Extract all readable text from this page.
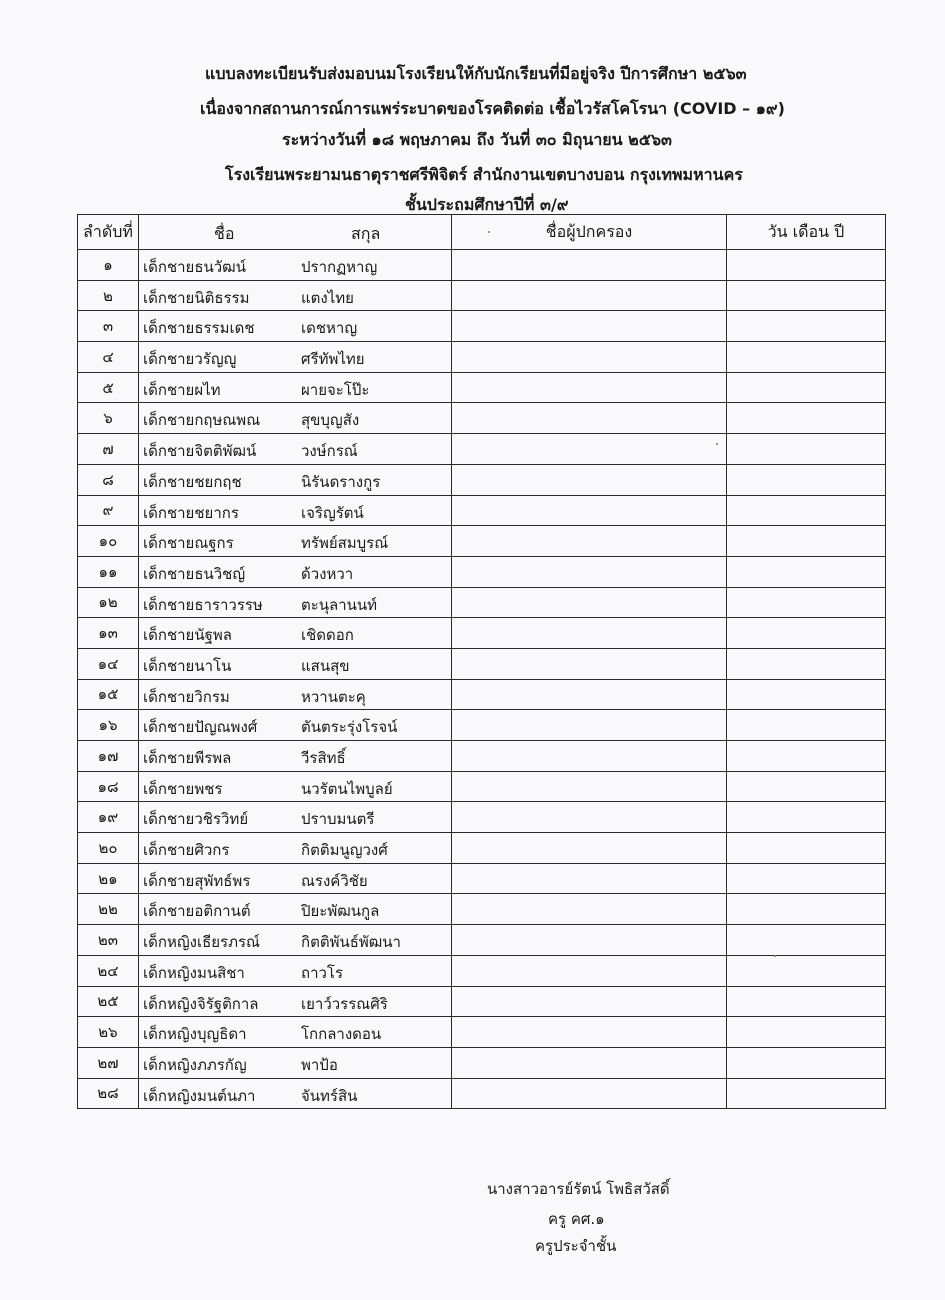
แบบลงทะเบียนรับส่งมอบนมโรงเรียนให้กับนักเรียนที่มีอยู่จริง ปีการศึกษา ๒๕๖๓
เนื่องจากสถานการณ์การแพร่ระบาดของโรคติดต่อ เชื้อไวรัสโคโรนา (COVID – ๑๙)
ระหว่างวันที่ ๑๘ พฤษภาคม ถึง วันที่ ๓๐ มิถุนายน ๒๕๖๓
โรงเรียนพระยามนธาตุราชศรีพิจิตร์ สำนักงานเขตบางบอน กรุงเทพมหานคร
ชั้นประถมศึกษาปีที่ ๓/๙
ลำดับที่	ชื่อ สกุล	ชื่อผู้ปกครอง	วัน เดือน ปี
๑	เด็กชายธนวัฒน์ ปรากฏหาญ		

๒	เด็กชายนิติธรรม แตงไทย		

๓	เด็กชายธรรมเดช เดชหาญ		

๔	เด็กชายวรัญญู ศรีทัพไทย		

๕	เด็กชายผไท ผายจะโป๊ะ		

๖	เด็กชายกฤษณพณ สุขบุญสัง		

๗	เด็กชายจิตติพัฒน์ วงษ์กรณ์		

๘	เด็กชายชยกฤช นิรันดรางกูร		

๙	เด็กชายชยากร เจริญรัตน์		

๑๐	เด็กชายณฐกร ทรัพย์สมบูรณ์		

๑๑	เด็กชายธนวิชญ์ ด้วงหวา		

๑๒	เด็กชายธาราวรรษ ตะนุลานนท์		

๑๓	เด็กชายนัฐพล เชิดดอก		

๑๔	เด็กชายนาโน แสนสุข		

๑๕	เด็กชายวิกรม หวานตะคุ		

๑๖	เด็กชายปัญณพงศ์ ตันตระรุ่งโรจน์		

๑๗	เด็กชายพีรพล วีรสิทธิ์		

๑๘	เด็กชายพชร นวรัตนไพบูลย์		

๑๙	เด็กชายวชิรวิทย์ ปราบมนตรี		

๒๐	เด็กชายศิวกร กิตติมนูญวงศ์		

๒๑	เด็กชายสุพัทธ์พร ณรงค์วิชัย		

๒๒	เด็กชายอติกานต์ ปิยะพัฒนกูล		

๒๓	เด็กหญิงเธียรภรณ์ กิตติพันธ์พัฒนา		

๒๔	เด็กหญิงมนสิชา ถาวโร		

๒๕	เด็กหญิงจิรัฐติกาล เยาว์วรรณศิริ		

๒๖	เด็กหญิงบุญธิดา โกกลางดอน		

๒๗	เด็กหญิงภภรกัญ พาป้อ		

๒๘	เด็กหญิงมนต์นภา จันทร์สิน		

นางสาวอารย์รัตน์ โพธิสวัสดิ์
ครู คศ.๑
ครูประจำชั้น
